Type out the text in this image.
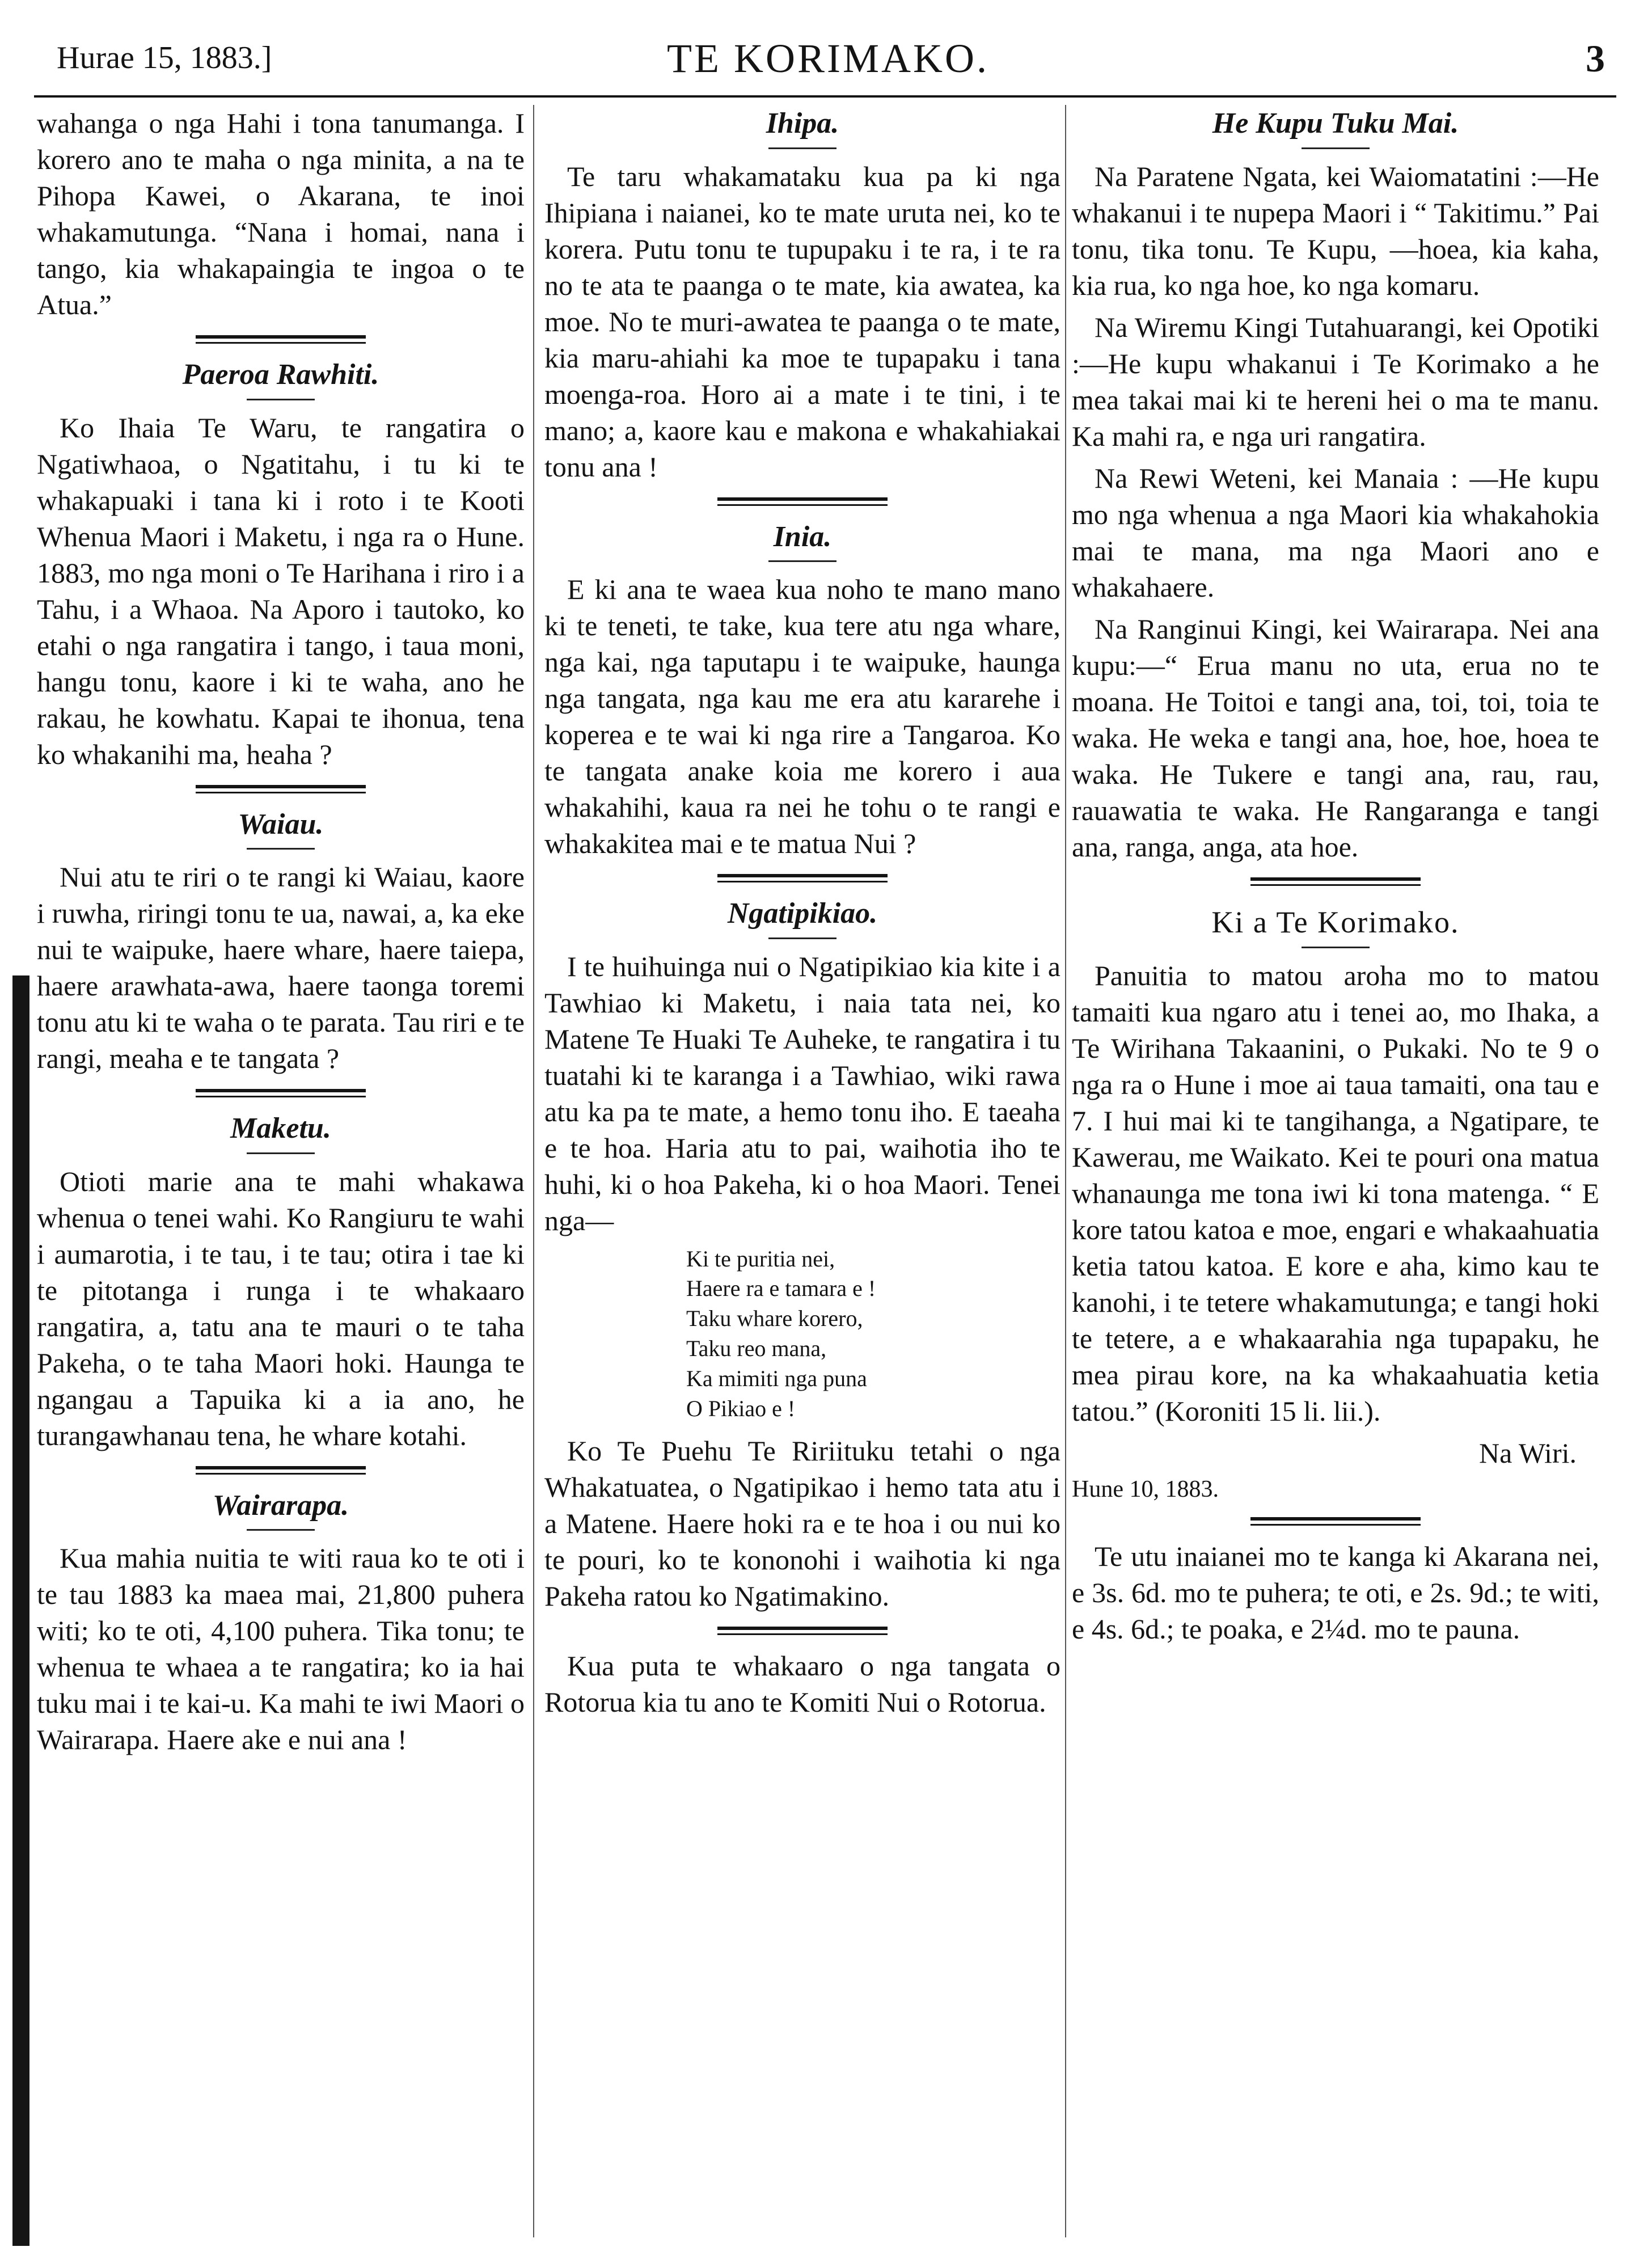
Hurae 15, 1883.]	TE KORIMAKO.	3

wahanga o nga Hahi i tona tanumanga. I korero ano te maha o nga minita, a na te Pihopa Kawei, o Akarana, te inoi whakamutunga. “Nana i homai, nana i tango, kia whakapaingia te ingoa o te Atua.”

Paeroa Rawhiti.

Ko Ihaia Te Waru, te rangatira o Ngatiwhaoa, o Ngatitahu, i tu ki te whakapuaki i tana ki i roto i te Kooti Whenua Maori i Maketu, i nga ra o Hune. 1883, mo nga moni o Te Harihana i riro i a Tahu, i a Whaoa. Na Aporo i tautoko, ko etahi o nga rangatira i tango, i taua moni, hangu tonu, kaore i ki te waha, ano he rakau, he kowhatu. Kapai te ihonua, tena ko whakanihi ma, heaha ?

Waiau.

Nui atu te riri o te rangi ki Waiau, kaore i ruwha, riringi tonu te ua, nawai, a, ka eke nui te waipuke, haere whare, haere taiepa, haere arawhata-awa, haere taonga toremi tonu atu ki te waha o te parata. Tau riri e te rangi, meaha e te tangata ?

Maketu.

Otioti marie ana te mahi whakawa whenua o tenei wahi. Ko Rangiuru te wahi i aumarotia, i te tau, i te tau; otira i tae ki te pitotanga i runga i te whakaaro rangatira, a, tatu ana te mauri o te taha Pakeha, o te taha Maori hoki. Haunga te ngangau a Tapuika ki a ia ano, he turangawhanau tena, he whare kotahi.

Wairarapa.

Kua mahia nuitia te witi raua ko te oti i te tau 1883 ka maea mai, 21,800 puhera witi; ko te oti, 4,100 puhera. Tika tonu; te whenua te whaea a te rangatira; ko ia hai tuku mai i te kai-u. Ka mahi te iwi Maori o Wairarapa. Haere ake e nui ana !

Ihipa.

Te taru whakamataku kua pa ki nga Ihipiana i naianei, ko te mate uruta nei, ko te korera. Putu tonu te tupupaku i te ra, i te ra no te ata te paanga o te mate, kia awatea, ka moe. No te muri-awatea te paanga o te mate, kia maru-ahiahi ka moe te tupapaku i tana moenga-roa. Horo ai a mate i te tini, i te mano; a, kaore kau e makona e whakahiakai tonu ana !

Inia.

E ki ana te waea kua noho te mano mano ki te teneti, te take, kua tere atu nga whare, nga kai, nga taputapu i te waipuke, haunga nga tangata, nga kau me era atu kararehe i koperea e te wai ki nga rire a Tangaroa. Ko te tangata anake koia me korero i aua whakahihi, kaua ra nei he tohu o te rangi e whakakitea mai e te matua Nui ?

Ngatipikiao.

I te huihuinga nui o Ngatipikiao kia kite i a Tawhiao ki Maketu, i naia tata nei, ko Matene Te Huaki Te Auheke, te rangatira i tu tuatahi ki te karanga i a Tawhiao, wiki rawa atu ka pa te mate, a hemo tonu iho. E taeaha e te hoa. Haria atu to pai, waihotia iho te huhi, ki o hoa Pakeha, ki o hoa Maori. Tenei nga—

Ki te puritia nei,
Haere ra e tamara e !
Taku whare korero,
Taku reo mana,
Ka mimiti nga puna
O Pikiao e !

Ko Te Puehu Te Ririituku tetahi o nga Whakatuatea, o Ngatipikao i hemo tata atu i a Matene. Haere hoki ra e te hoa i ou nui ko te pouri, ko te kononohi i waihotia ki nga Pakeha ratou ko Ngatimakino.

Kua puta te whakaaro o nga tangata o Rotorua kia tu ano te Komiti Nui o Rotorua.

He Kupu Tuku Mai.

Na Paratene Ngata, kei Waiomatatini :—He whakanui i te nupepa Maori i “ Takitimu.” Pai tonu, tika tonu. Te Kupu, —hoea, kia kaha, kia rua, ko nga hoe, ko nga komaru.

Na Wiremu Kingi Tutahuarangi, kei Opotiki :—He kupu whakanui i Te Korimako a he mea takai mai ki te hereni hei o ma te manu. Ka mahi ra, e nga uri rangatira.

Na Rewi Weteni, kei Manaia : —He kupu mo nga whenua a nga Maori kia whakahokia mai te mana, ma nga Maori ano e whakahaere.

Na Ranginui Kingi, kei Wairarapa. Nei ana kupu:—“ Erua manu no uta, erua no te moana. He Toitoi e tangi ana, toi, toi, toia te waka. He weka e tangi ana, hoe, hoe, hoea te waka. He Tukere e tangi ana, rau, rau, rauawatia te waka. He Rangaranga e tangi ana, ranga, anga, ata hoe.

Ki a Te Korimako.

Panuitia to matou aroha mo to matou tamaiti kua ngaro atu i tenei ao, mo Ihaka, a Te Wirihana Takaanini, o Pukaki. No te 9 o nga ra o Hune i moe ai taua tamaiti, ona tau e 7. I hui mai ki te tangihanga, a Ngatipare, te Kawerau, me Waikato. Kei te pouri ona matua whanaunga me tona iwi ki tona matenga. “ E kore tatou katoa e moe, engari e whakaahuatia ketia tatou katoa. E kore e aha, kimo kau te kanohi, i te tetere whakamutunga; e tangi hoki te tetere, a e whakaarahia nga tupapaku, he mea pirau kore, na ka whakaahuatia ketia tatou.” (Koroniti 15 li. lii.).

Na Wiri.
Hune 10, 1883.

Te utu inaianei mo te kanga ki Akarana nei, e 3s. 6d. mo te puhera; te oti, e 2s. 9d.; te witi, e 4s. 6d.; te poaka, e 2¼d. mo te pauna.
